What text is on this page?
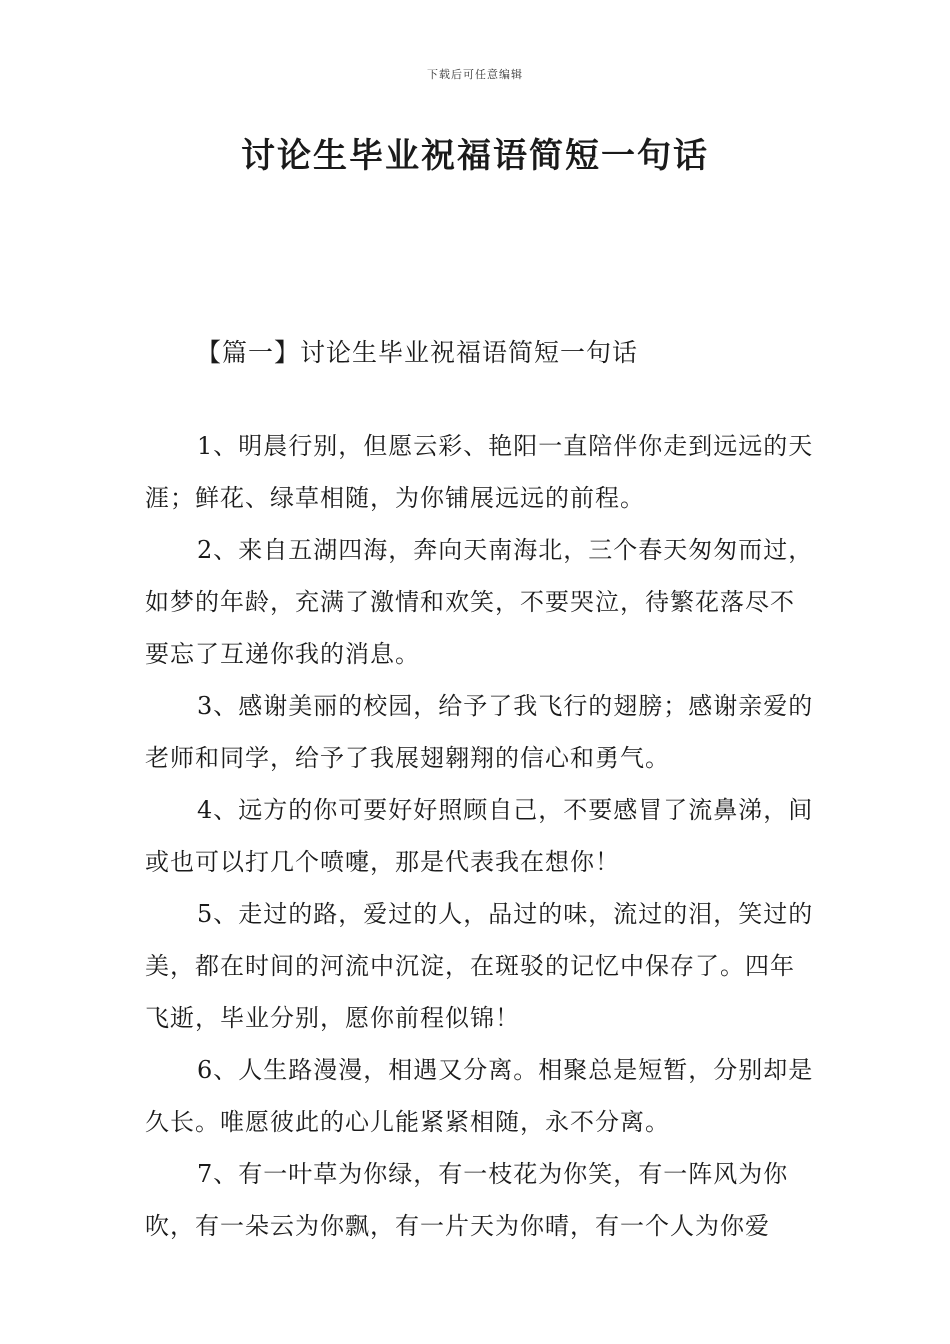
下载后可任意编辑
讨论生毕业祝福语简短一句话
【篇一】讨论生毕业祝福语简短一句话

1、明晨行别，但愿云彩、艳阳一直陪伴你走到远远的天涯；鲜花、绿草相随，为你铺展远远的前程。

2、来自五湖四海，奔向天南海北，三个春天匆匆而过，如梦的年龄，充满了激情和欢笑，不要哭泣，待繁花落尽不要忘了互递你我的消息。

3、感谢美丽的校园，给予了我飞行的翅膀；感谢亲爱的老师和同学，给予了我展翅翱翔的信心和勇气。

4、远方的你可要好好照顾自己，不要感冒了流鼻涕，间或也可以打几个喷嚏，那是代表我在想你！

5、走过的路，爱过的人，品过的味，流过的泪，笑过的美，都在时间的河流中沉淀，在斑驳的记忆中保存了。四年飞逝，毕业分别，愿你前程似锦！

6、人生路漫漫，相遇又分离。相聚总是短暂，分别却是久长。唯愿彼此的心儿能紧紧相随，永不分离。

7、有一叶草为你绿，有一枝花为你笑，有一阵风为你吹，有一朵云为你飘，有一片天为你晴，有一个人为你爱
